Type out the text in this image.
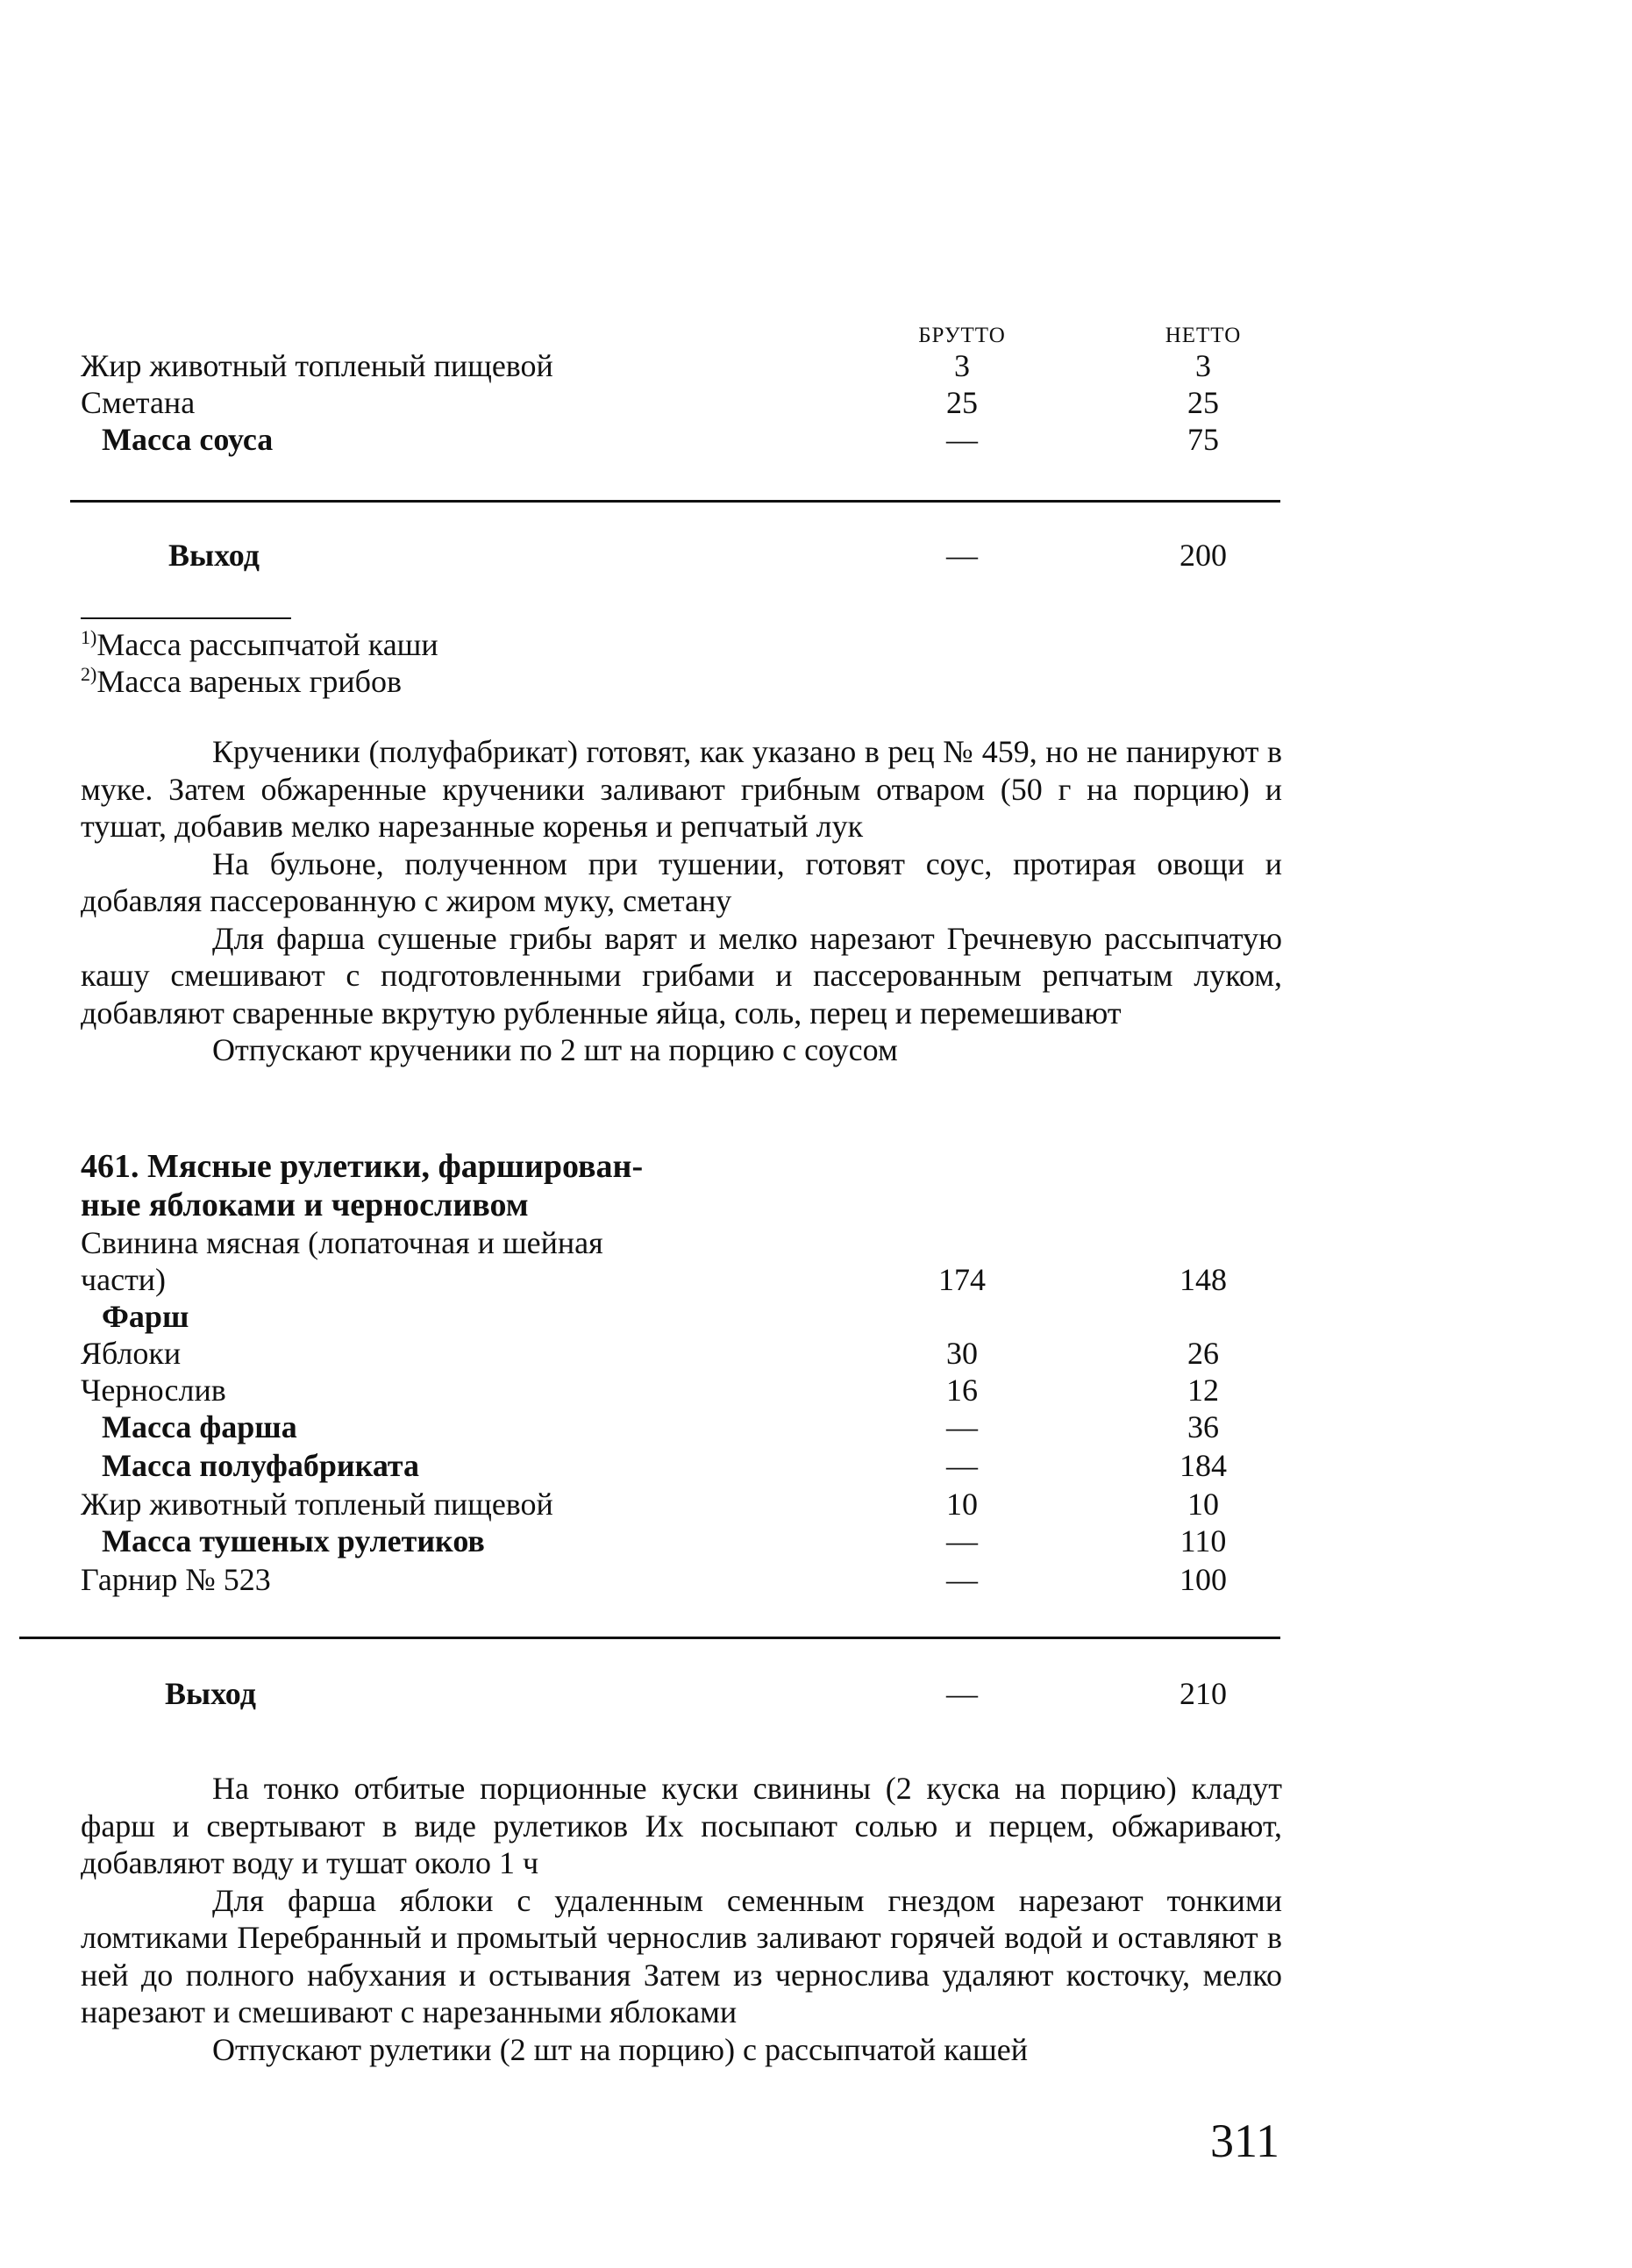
БРУТТО	НЕТТО
Жир животный топленый пищевой	3	3
Сметана	25	25
Масса соуса	—	75
Выход	—	200
$^{1)}$Масса рассыпчатой каши
$^{2)}$Масса вареных грибов

Крученики (полуфабрикат) готовят, как указано в рец № 459, но не панируют в муке. Затем обжаренные крученики заливают грибным отваром (50 г на порцию) и тушат, добавив мелко нарезанные коренья и репчатый лук

На бульоне, полученном при тушении, готовят соус, протирая овощи и добавляя пассерованную с жиром муку, сметану

Для фарша сушеные грибы варят и мелко нарезают Гречневую рассыпчатую кашу смешивают с подготовленными грибами и пассерованным репчатым луком, добавляют сваренные вкрутую рубленные яйца, соль, перец и перемешивают

Отпускают крученики по 2 шт на порцию с соусом

461. Мясные рулетики, фарширован-
ные яблоками и черносливом
Свинина мясная (лопаточная и шейная
части)	174	148
Фарш
Яблоки	30	26
Чернослив	16	12
Масса фарша	—	36
Масса полуфабриката	—	184
Жир животный топленый пищевой	10	10
Масса тушеных рулетиков	—	110
Гарнир № 523	—	100
Выход	—	210

На тонко отбитые порционные куски свинины (2 куска на порцию) кладут фарш и свертывают в виде рулетиков Их посыпают солью и перцем, обжаривают, добавляют воду и тушат около 1 ч

Для фарша яблоки с удаленным семенным гнездом нарезают тонкими ломтиками Перебранный и промытый чернослив заливают горячей водой и оставляют в ней до полного набухания и остывания Затем из чернослива удаляют косточку, мелко нарезают и смешивают с нарезанными яблоками

Отпускают рулетики (2 шт на порцию) с рассыпчатой кашей

311
